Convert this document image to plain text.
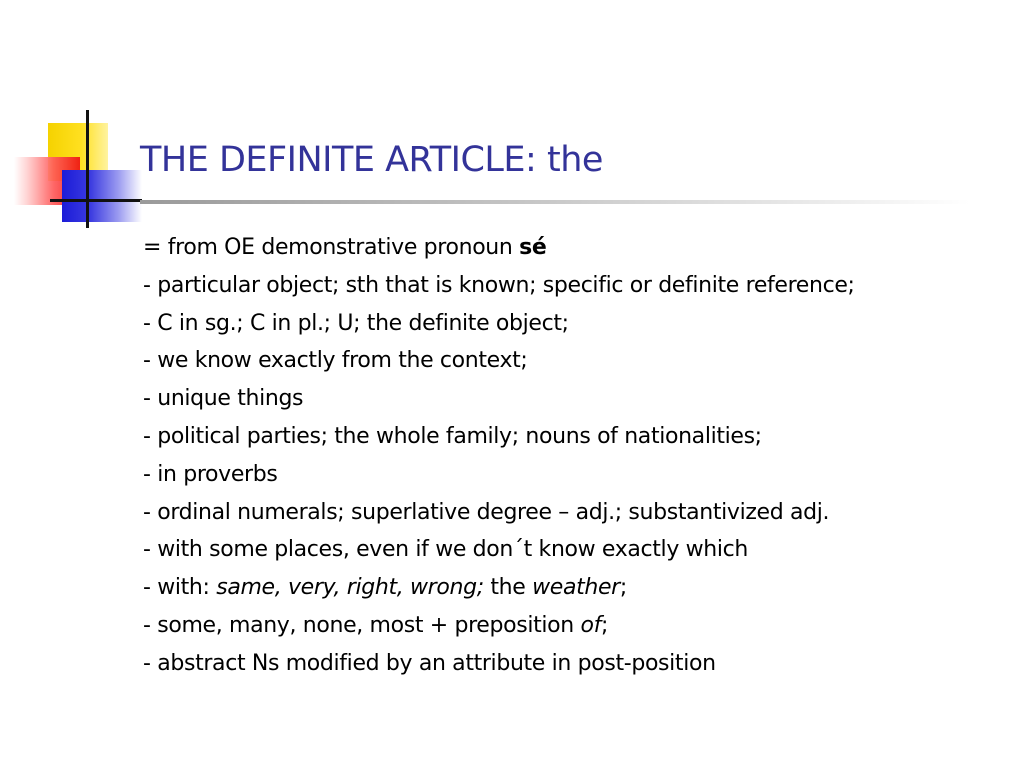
THE DEFINITE ARTICLE: the
= from OE demonstrative pronoun sé
- particular object; sth that is known; specific or definite reference;
- C in sg.; C in pl.; U; the definite object;
- we know exactly from the context;
- unique things
- political parties; the whole family; nouns of nationalities;
- in proverbs
- ordinal numerals; superlative degree – adj.; substantivized adj.
- with some places, even if we don´t know exactly which
- with: same, very, right, wrong; the weather;
- some, many, none, most + preposition of;
- abstract Ns modified by an attribute in post-position
